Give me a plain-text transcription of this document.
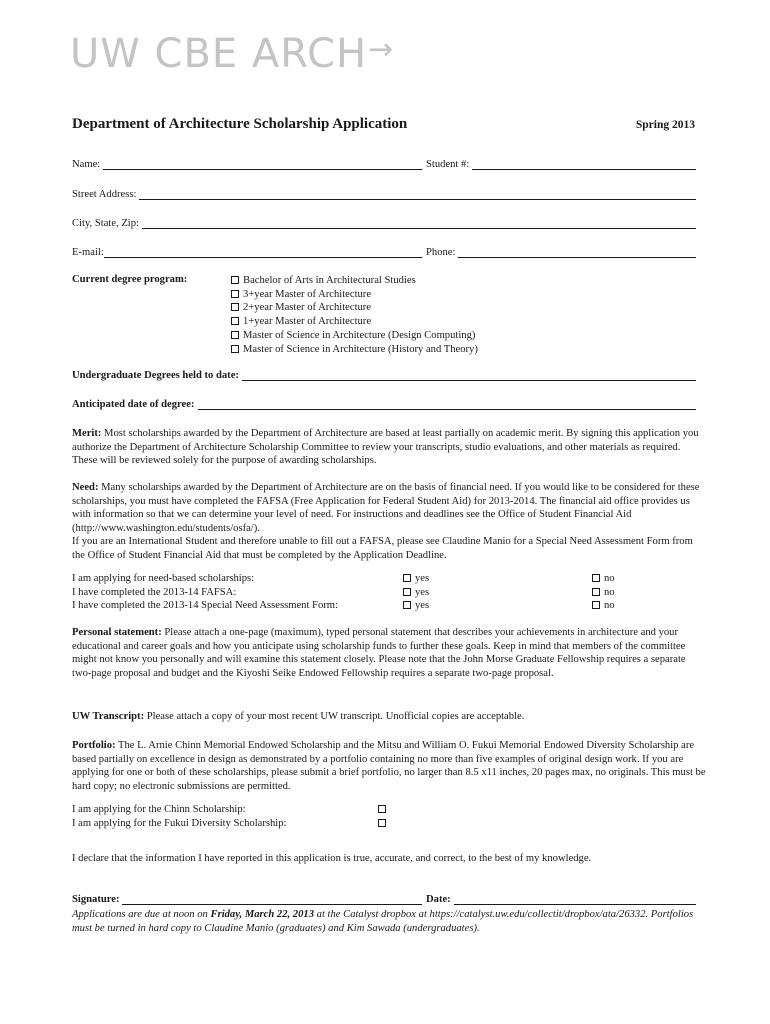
UW CBE ARCH→
Department of Architecture Scholarship Application	Spring 2013
Name:	Student #:
Street Address:
City, State, Zip:
E-mail:	Phone:
Current degree program:	Bachelor of Arts in Architectural Studies
3+year Master of Architecture
2+year Master of Architecture
1+year Master of Architecture
Master of Science in Architecture (Design Computing)
Master of Science in Architecture (History and Theory)
Undergraduate Degrees held to date:
Anticipated date of degree:

Merit: Most scholarships awarded by the Department of Architecture are based at least partially on academic merit. By signing this application you authorize the Department of Architecture Scholarship Committee to review your transcripts, studio evaluations, and other materials as required. These will be reviewed solely for the purpose of awarding scholarships.

Need: Many scholarships awarded by the Department of Architecture are on the basis of financial need. If you would like to be considered for these scholarships, you must have completed the FAFSA (Free Application for Federal Student Aid) for 2013-2014. The financial aid office provides us with information so that we can determine your level of need. For instructions and deadlines see the Office of Student Financial Aid (http://www.washington.edu/students/osfa/).

If you are an International Student and therefore unable to fill out a FAFSA, please see Claudine Manio for a Special Need Assessment Form from the Office of Student Financial Aid that must be completed by the Application Deadline.

I am applying for need-based scholarships:	yes	no
I have completed the 2013-14 FAFSA:	yes	no
I have completed the 2013-14 Special Need Assessment Form:	yes	no

Personal statement: Please attach a one-page (maximum), typed personal statement that describes your achievements in architecture and your educational and career goals and how you anticipate using scholarship funds to further these goals. Keep in mind that members of the committee might not know you personally and will examine this statement closely. Please note that the John Morse Graduate Fellowship requires a separate two-page proposal and budget and the Kiyoshi Seike Endowed Fellowship requires a separate two-page proposal.

UW Transcript: Please attach a copy of your most recent UW transcript. Unofficial copies are acceptable.

Portfolio: The L. Arnie Chinn Memorial Endowed Scholarship and the Mitsu and William O. Fukui Memorial Endowed Diversity Scholarship are based partially on excellence in design as demonstrated by a portfolio containing no more than five examples of original design work. If you are applying for one or both of these scholarships, please submit a brief portfolio, no larger than 8.5 x11 inches, 20 pages max, no originals. This must be hard copy; no electronic submissions are permitted.

I am applying for the Chinn Scholarship:
I am applying for the Fukui Diversity Scholarship:
I declare that the information I have reported in this application is true, accurate, and correct, to the best of my knowledge.
Signature:	Date:
Applications are due at noon on Friday, March 22, 2013 at the Catalyst dropbox at https://catalyst.uw.edu/collectit/dropbox/ata/26332. Portfolios must be turned in hard copy to Claudine Manio (graduates) and Kim Sawada (undergraduates).
